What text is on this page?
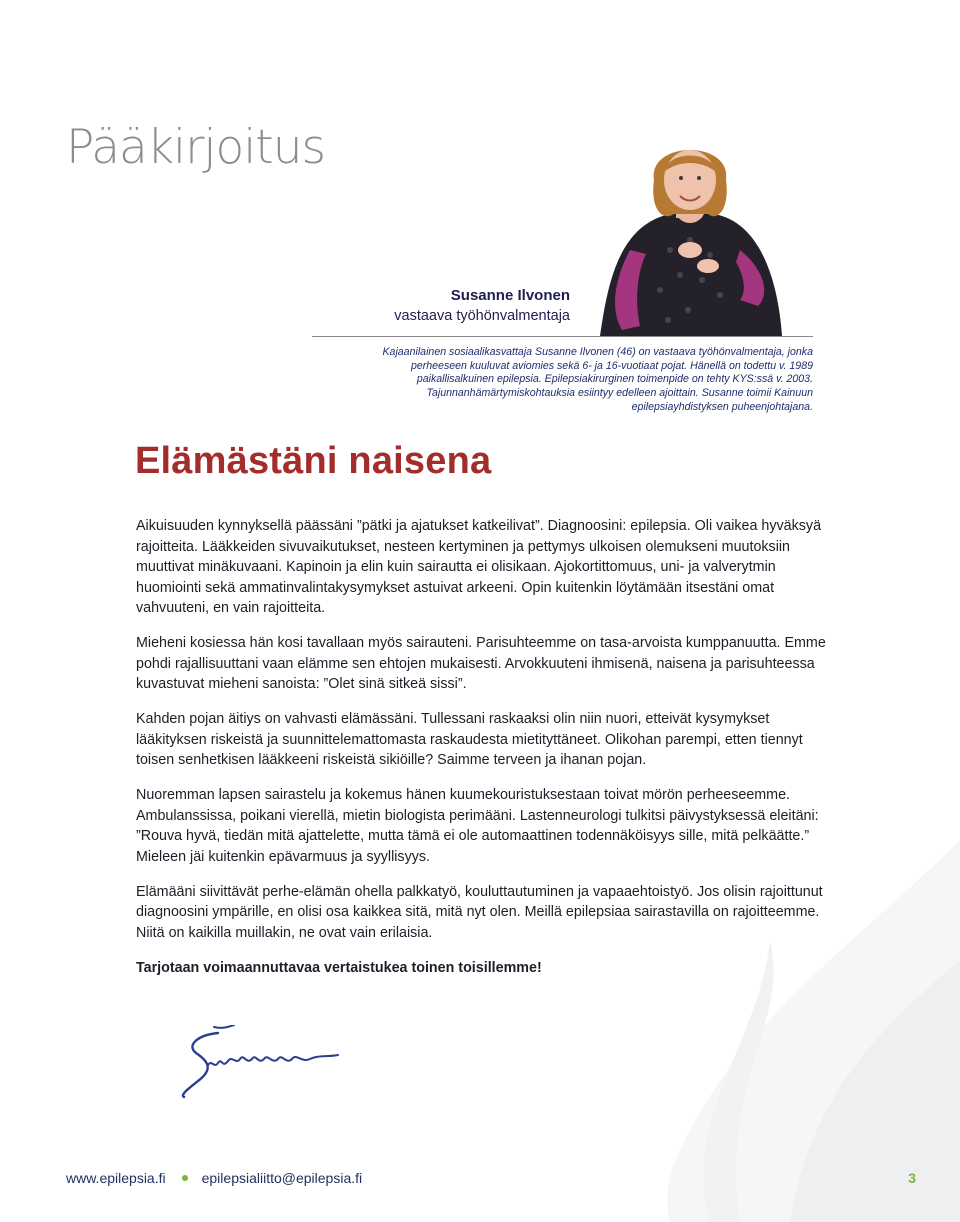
Pääkirjoitus
Susanne Ilvonen
vastaava työhönvalmentaja

Kajaanilainen sosiaalikasvattaja Susanne Ilvonen (46) on vastaava työhönvalmentaja, jonka perheeseen kuuluvat aviomies sekä 6- ja 16-vuotiaat pojat. Hänellä on todettu v. 1989 paikallisalkuinen epilepsia. Epilepsiakirurginen toimenpide on tehty KYS:ssä v. 2003. Tajunnanhämärtymiskohtauksia esiintyy edelleen ajoittain. Susanne toimii Kainuun epilepsiayhdistyksen puheenjohtajana.

Elämästäni naisena

Aikuisuuden kynnyksellä päässäni ”pätki ja ajatukset katkeilivat”. Diagnoosini: epilepsia. Oli vaikea hyväksyä rajoitteita. Lääkkeiden sivuvaikutukset, nesteen kertyminen ja pettymys ulkoisen olemukseni muutoksiin muuttivat minäkuvaani. Kapinoin ja elin kuin sairautta ei olisikaan. Ajokortittomuus, uni- ja valverytmin huomiointi sekä ammatinvalintakysymykset astuivat arkeeni. Opin kuitenkin löytämään itsestäni omat vahvuuteni, en vain rajoitteita.

Mieheni kosiessa hän kosi tavallaan myös sairauteni. Parisuhteemme on tasa-arvoista kumppanuutta. Emme pohdi rajallisuuttani vaan elämme sen ehtojen mukaisesti. Arvokkuuteni ihmisenä, naisena ja parisuhteessa kuvastuvat mieheni sanoista: ”Olet sinä sitkeä sissi”.

Kahden pojan äitiys on vahvasti elämässäni. Tullessani raskaaksi olin niin nuori, etteivät kysymykset lääkityksen riskeistä ja suunnittelemattomasta raskaudesta mietityttäneet. Olikohan parempi, etten tiennyt toisen senhetkisen lääkkeeni riskeistä sikiöille? Saimme terveen ja ihanan pojan.

Nuoremman lapsen sairastelu ja kokemus hänen kuumekouristuksestaan toivat mörön perheeseemme. Ambulanssissa, poikani vierellä, mietin biologista perimääni. Lastenneurologi tulkitsi päivystyksessä eleitäni: ”Rouva hyvä, tiedän mitä ajattelette, mutta tämä ei ole automaattinen todennäköisyys sille, mitä pelkäätte.” Mieleen jäi kuitenkin epävarmuus ja syyllisyys.

Elämääni siivittävät perhe-elämän ohella palkkatyö, kouluttautuminen ja vapaaehtoistyö. Jos olisin rajoittunut diagnoosini ympärille, en olisi osa kaikkea sitä, mitä nyt olen. Meillä epilepsiaa sairastavilla on rajoitteemme. Niitä on kaikilla muillakin, ne ovat vain erilaisia.

Tarjotaan voimaannuttavaa vertaistukea toinen toisillemme!

www.epilepsia.fi	epilepsialiitto@epilepsia.fi	3
